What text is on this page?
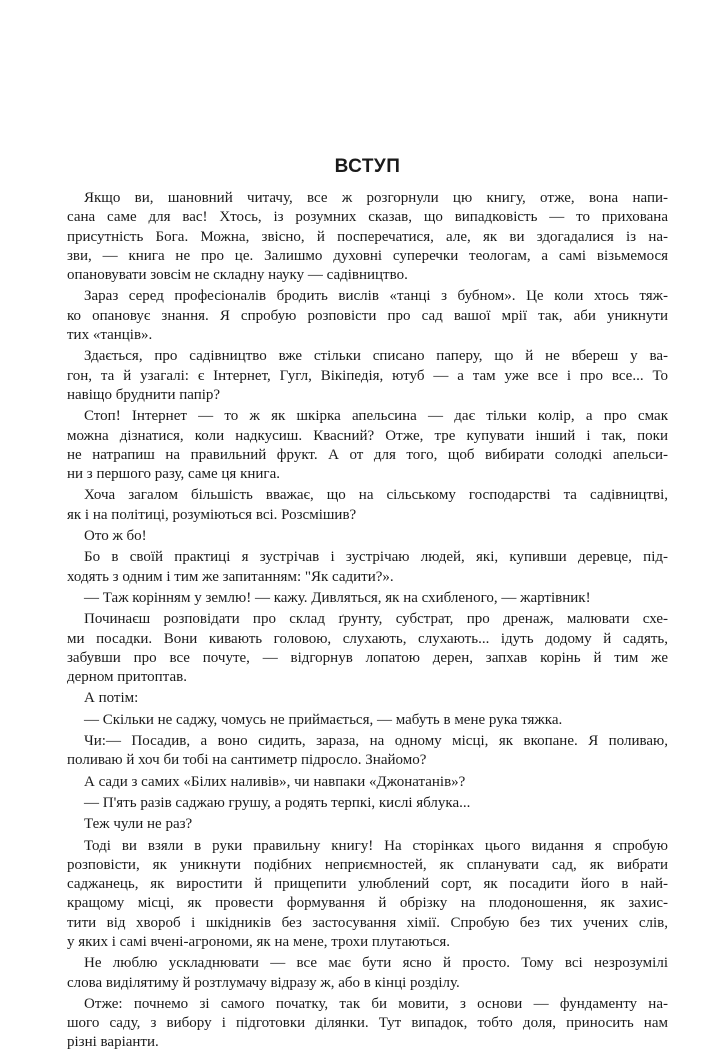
ВСТУП
Якщо ви, шановний читачу, все ж розгорнули цю книгу, отже, вона напи-
сана саме для вас! Хтось, із розумних сказав, що випадковість — то прихована
присутність Бога. Можна, звісно, й посперечатися, але, як ви здогадалися із на-
зви, — книга не про це. Залишмо духовні суперечки теологам, а самі візьмемося
опановувати зовсім не складну науку — садівництво.
Зараз серед професіоналів бродить вислів «танці з бубном». Це коли хтось тяж-
ко опановує знання. Я спробую розповісти про сад вашої мрії так, аби уникнути
тих «танців».
Здається, про садівництво вже стільки списано паперу, що й не вбереш у ва-
гон, та й узагалі: є Інтернет, Гугл, Вікіпедія, ютуб — а там уже все і про все... То
навіщо бруднити папір?
Стоп! Інтернет — то ж як шкірка апельсина — дає тільки колір, а про смак
можна дізнатися, коли надкусиш. Квасний? Отже, тре купувати інший і так, поки
не натрапиш на правильний фрукт. А от для того, щоб вибирати солодкі апельси-
ни з першого разу, саме ця книга.
Хоча загалом більшість вважає, що на сільському господарстві та садівництві,
як і на політиці, розуміються всі. Розсмішив?
Ото ж бо!
Бо в своїй практиці я зустрічав і зустрічаю людей, які, купивши деревце, під-
ходять з одним і тим же запитанням: "Як садити?».
— Таж корінням у землю! — кажу. Дивляться, як на схибленого, — жартівник!
Починаєш розповідати про склад ґрунту, субстрат, про дренаж, малювати схе-
ми посадки. Вони кивають головою, слухають, слухають... ідуть додому й садять,
забувши про все почуте, — відгорнув лопатою дерен, запхав корінь й тим же
дерном притоптав.
А потім:
— Скільки не саджу, чомусь не приймається, — мабуть в мене рука тяжка.
Чи:— Посадив, а воно сидить, зараза, на одному місці, як вкопане. Я поливаю,
поливаю й хоч би тобі на сантиметр підросло. Знайомо?
А сади з самих «Білих наливів», чи навпаки «Джонатанів»?
— П'ять разів саджаю грушу, а родять терпкі, кислі яблука...
Теж чули не раз?
Тоді ви взяли в руки правильну книгу! На сторінках цього видання я спробую
розповісти, як уникнути подібних неприємностей, як спланувати сад, як вибрати
саджанець, як виростити й прищепити улюблений сорт, як посадити його в най-
кращому місці, як провести формування й обрізку на плодоношення, як захис-
тити від хвороб і шкідників без застосування хімії. Спробую без тих учених слів,
у яких і самі вчені-агрономи, як на мене, трохи плутаються.
Не люблю ускладнювати — все має бути ясно й просто. Тому всі незрозумілі
слова виділятиму й розтлумачу відразу ж, або в кінці розділу.
Отже: почнемо зі самого початку, так би мовити, з основи — фундаменту на-
шого саду, з вибору і підготовки ділянки. Тут випадок, тобто доля, приносить нам
різні варіанти.
